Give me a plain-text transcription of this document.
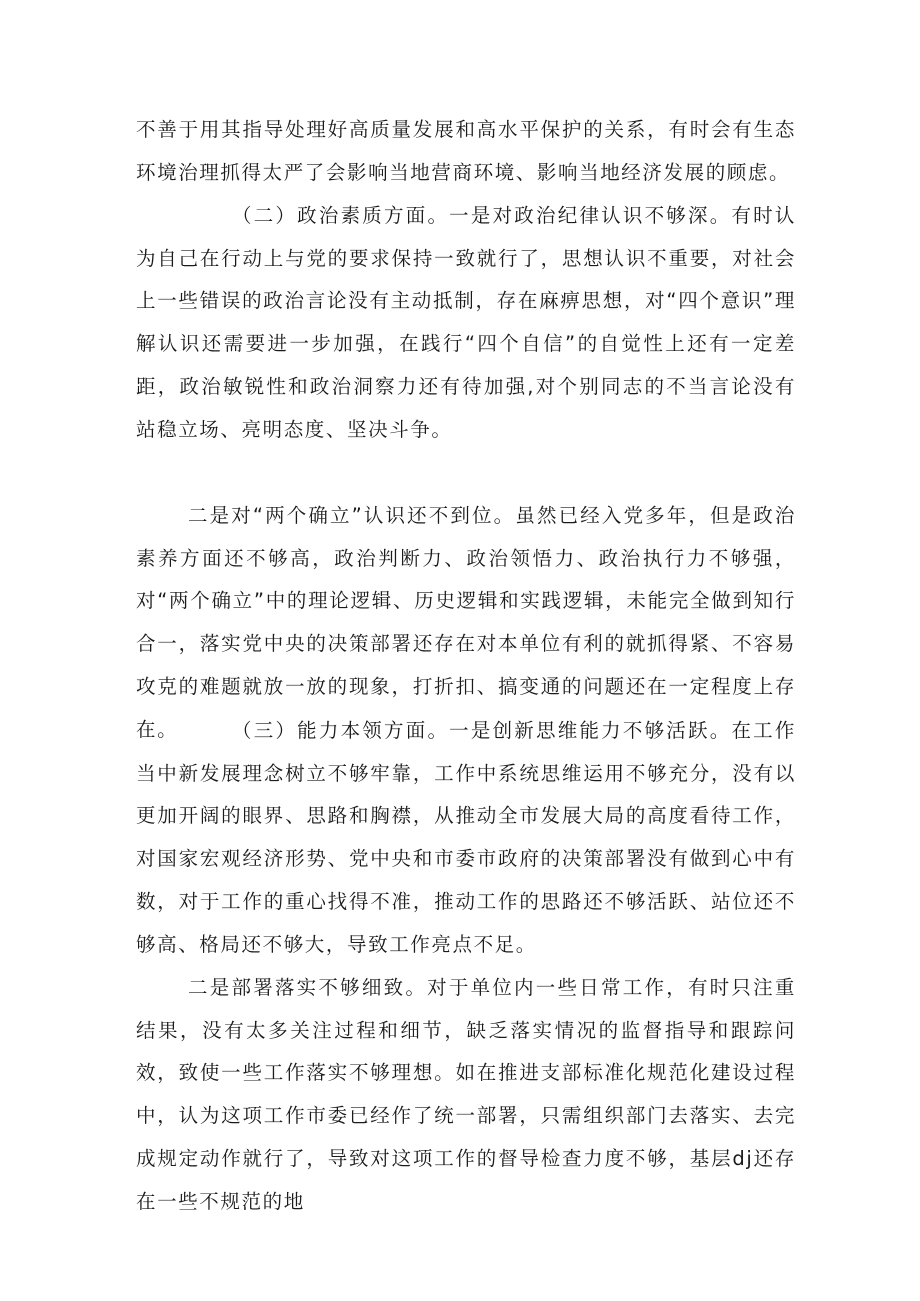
不善于用其指导处理好高质量发展和高水平保护的关系，有时会有生态环境治理抓得太严了会影响当地营商环境、影响当地经济发展的顾虑。

（二）政治素质方面。一是对政治纪律认识不够深。有时认为自己在行动上与党的要求保持一致就行了，思想认识不重要，对社会上一些错误的政治言论没有主动抵制，存在麻痹思想，对“四个意识”理解认识还需要进一步加强，在践行“四个自信”的自觉性上还有一定差距，政治敏锐性和政治洞察力还有待加强,对个别同志的不当言论没有站稳立场、亮明态度、坚决斗争。

二是对“两个确立”认识还不到位。虽然已经入党多年，但是政治素养方面还不够高，政治判断力、政治领悟力、政治执行力不够强，对“两个确立”中的理论逻辑、历史逻辑和实践逻辑，未能完全做到知行合一，落实党中央的决策部署还存在对本单位有利的就抓得紧、不容易攻克的难题就放一放的现象，打折扣、搞变通的问题还在一定程度上存在。	（三）能力本领方面。一是创新思维能力不够活跃。在工作当中新发展理念树立不够牢靠，工作中系统思维运用不够充分，没有以更加开阔的眼界、思路和胸襟，从推动全市发展大局的高度看待工作，对国家宏观经济形势、党中央和市委市政府的决策部署没有做到心中有数，对于工作的重心找得不准，推动工作的思路还不够活跃、站位还不够高、格局还不够大，导致工作亮点不足。

二是部署落实不够细致。对于单位内一些日常工作，有时只注重结果，没有太多关注过程和细节，缺乏落实情况的监督指导和跟踪问效，致使一些工作落实不够理想。如在推进支部标准化规范化建设过程中，认为这项工作市委已经作了统一部署，只需组织部门去落实、去完成规定动作就行了，导致对这项工作的督导检查力度不够，基层dj还存在一些不规范的地
